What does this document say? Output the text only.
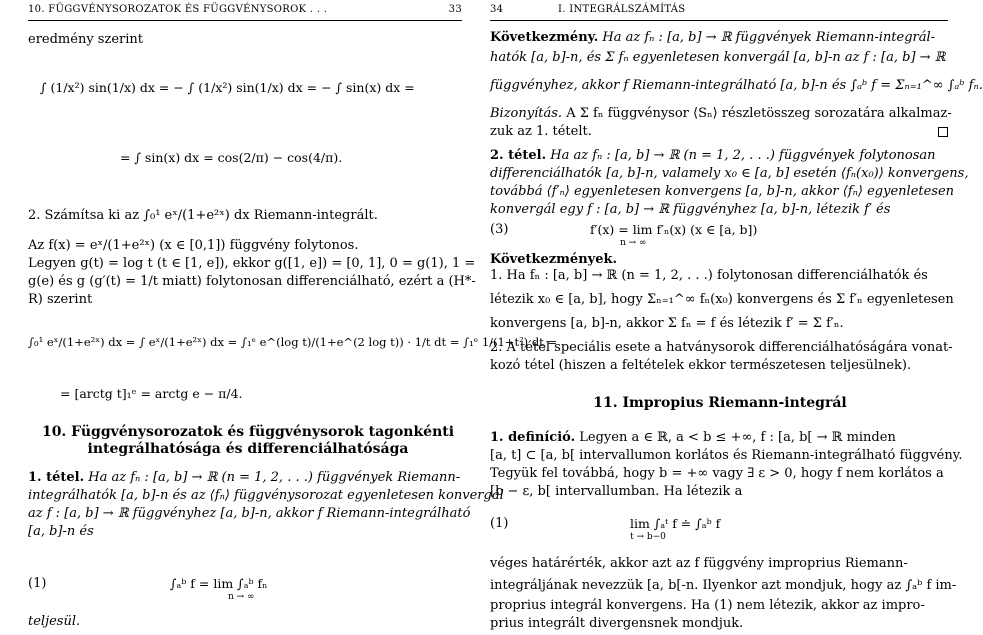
10. FÜGGVÉNYSOROZATOK ÉS FÜGGVÉNYSOROK . . .	33
eredmény szerint
∫ (1/x²) sin(1/x) dx = − ∫ (1/x²) sin(1/x) dx = − ∫ sin(x) dx =
= ∫ sin(x) dx = cos(2/π) − cos(4/π).
2. Számítsa ki az ∫₀¹ eˣ/(1+e²ˣ) dx Riemann-integrált.
Az f(x) = eˣ/(1+e²ˣ) (x ∈ [0,1]) függvény folytonos.
Legyen g(t) = log t (t ∈ [1, e]), ekkor g([1, e]) = [0, 1], 0 = g(1), 1 =
g(e) és g (g′(t) = 1/t miatt) folytonosan differenciálható, ezért a (H*-
R) szerint
∫₀¹ eˣ/(1+e²ˣ) dx = ∫ eˣ/(1+e²ˣ) dx = ∫₁ᵉ e^(log t)/(1+e^(2 log t)) · 1/t dt = ∫₁ᵉ 1/(1+t²) dt =
= [arctg t]₁ᵉ = arctg e − π/4.
10. Függvénysorozatok és függvénysorok tagonkénti integrálhatósága és differenciálhatósága
1. tétel. Ha az fₙ : [a, b] → ℝ (n = 1, 2, . . .) függvények Riemann-
integrálhatók [a, b]-n és az ⟨fₙ⟩ függvénysorozat egyenletesen konvergál
az f : [a, b] → ℝ függvényhez [a, b]-n, akkor f Riemann-integrálható
[a, b]-n és
(1)	∫ₐᵇ f = lim ∫ₐᵇ fₙ
n → ∞
teljesül.
34	I. INTEGRÁLSZÁMÍTÁS
Következmény. Ha az fₙ : [a, b] → ℝ függvények Riemann-integrál-
hatók [a, b]-n, és Σ fₙ egyenletesen konvergál [a, b]-n az f : [a, b] → ℝ
függvényhez, akkor f Riemann-integrálható [a, b]-n és ∫ₐᵇ f = Σₙ₌₁^∞ ∫ₐᵇ fₙ.
Bizonyítás. A Σ fₙ függvénysor ⟨Sₙ⟩ részletösszeg sorozatára alkalmaz-
zuk az 1. tételt.
2. tétel. Ha az fₙ : [a, b] → ℝ (n = 1, 2, . . .) függvények folytonosan
differenciálhatók [a, b]-n, valamely x₀ ∈ [a, b] esetén ⟨fₙ(x₀)⟩ konvergens,
továbbá ⟨f′ₙ⟩ egyenletesen konvergens [a, b]-n, akkor ⟨fₙ⟩ egyenletesen
konvergál egy f : [a, b] → ℝ függvényhez [a, b]-n, létezik f′ és
(3)	f′(x) = lim f′ₙ(x) (x ∈ [a, b])
n → ∞
Következmények.
1. Ha fₙ : [a, b] → ℝ (n = 1, 2, . . .) folytonosan differenciálhatók és
létezik x₀ ∈ [a, b], hogy Σₙ₌₁^∞ fₙ(x₀) konvergens és Σ f′ₙ egyenletesen
konvergens [a, b]-n, akkor Σ fₙ = f és létezik f′ = Σ f′ₙ.
2. A tétel speciális esete a hatványsorok differenciálhatóságára vonat-
kozó tétel (hiszen a feltételek ekkor természetesen teljesülnek).
11. Impropius Riemann-integrál
1. definíció. Legyen a ∈ ℝ, a < b ≤ +∞, f : [a, b[ → ℝ minden
[a, t] ⊂ [a, b[ intervallumon korlátos és Riemann-integrálható függvény.
Tegyük fel továbbá, hogy b = +∞ vagy ∃ ε > 0, hogy f nem korlátos a
[b − ε, b[ intervallumban. Ha létezik a
(1)	lim ∫ₐᵗ f ≐ ∫ₐᵇ f
t → b−0
véges határérték, akkor azt az f függvény improprius Riemann-
integráljának nevezzük [a, b[-n. Ilyenkor azt mondjuk, hogy az ∫ₐᵇ f im-
proprius integrál konvergens. Ha (1) nem létezik, akkor az impro-
prius integrált divergensnek mondjuk.
